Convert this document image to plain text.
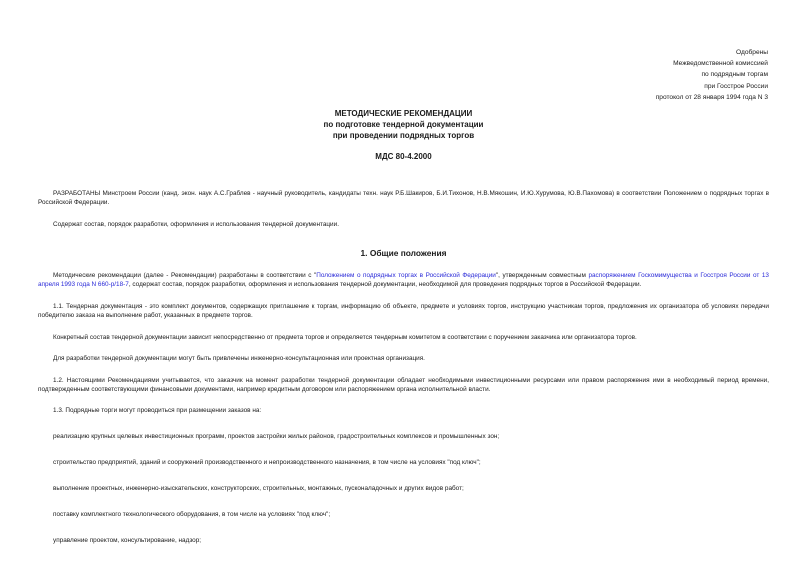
Одобрены
Межведомственной комиссией
по подрядным торгам
при Госстрое России
протокол от 28 января 1994 года N 3
МЕТОДИЧЕСКИЕ РЕКОМЕНДАЦИИ
по подготовке тендерной документации
при проведении подрядных торгов
МДС 80-4.2000

РАЗРАБОТАНЫ Минстроем России (канд. экон. наук А.С.Граблев - научный руководитель, кандидаты техн. наук Р.Б.Шакиров, Б.И.Тихонов, Н.В.Мякошин, И.Ю.Хурумова, Ю.В.Пахомова) в соответствии Положением о подрядных торгах в Российской Федерации.

Содержат состав, порядок разработки, оформления и использования тендерной документации.

1. Общие положения

Методические рекомендации (далее - Рекомендации) разработаны в соответствии с "Положением о подрядных торгах в Российской Федерации", утвержденным совместным распоряжением Госкомимущества и Госстроя России от 13 апреля 1993 года N 660-р/18-7, содержат состав, порядок разработки, оформления и использования тендерной документации, необходимой для проведения подрядных торгов в Российской Федерации.

1.1. Тендерная документация - это комплект документов, содержащих приглашение к торгам, информацию об объекте, предмете и условиях торгов, инструкцию участникам торгов, предложения их организатора об условиях передачи победителю заказа на выполнение работ, указанных в предмете торгов.

Конкретный состав тендерной документации зависит непосредственно от предмета торгов и определяется тендерным комитетом в соответствии с поручением заказчика или организатора торгов.

Для разработки тендерной документации могут быть привлечены инженерно-консультационная или проектная организация.

1.2. Настоящими Рекомендациями учитывается, что заказчик на момент разработки тендерной документации обладает необходимыми инвестиционными ресурсами или правом распоряжения ими в необходимый период времени, подтвержденным соответствующими финансовыми документами, например кредитным договором или распоряжением органа исполнительной власти.

1.3. Подрядные торги могут проводиться при размещении заказов на:

реализацию крупных целевых инвестиционных программ, проектов застройки жилых районов, градостроительных комплексов и промышленных зон;

строительство предприятий, зданий и сооружений производственного и непроизводственного назначения, в том числе на условиях "под ключ";

выполнение проектных, инженерно-изыскательских, конструкторских, строительных, монтажных, пусконаладочных и других видов работ;

поставку комплектного технологического оборудования, в том числе на условиях "под ключ";

управление проектом, консультирование, надзор;
